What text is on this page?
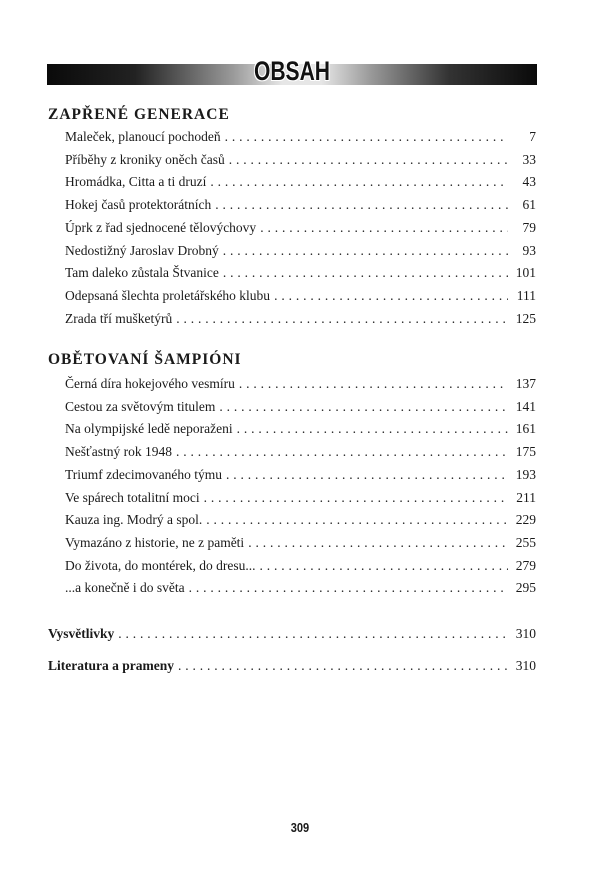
OBSAH
ZAPŘENÉ GENERACE
Maleček, planoucí pochodeň . . .	7
Příběhy z kroniky oněch časů . . .	33
Hromádka, Citta a ti druzí . . .	43
Hokej časů protektorátních . . .	61
Úprk z řad sjednocené tělovýchovy . . .	79
Nedostižný Jaroslav Drobný . . .	93
Tam daleko zůstala Štvanice . . .	101
Odepsaná šlechta proletářského klubu . . .	111
Zrada tří mušketýrů . . .	125
OBĚTOVANÍ ŠAMPIÓNI
Černá díra hokejového vesmíru . . .	137
Cestou za světovým titulem . . .	141
Na olympijské ledě neporaženi . . .	161
Nešťastný rok 1948 . . .	175
Triumf zdecimovaného týmu . . .	193
Ve spárech totalitní moci . . .	211
Kauza ing. Modrý a spol. . . .	229
Vymazáno z historie, ne z paměti . . .	255
Do života, do montérek, do dresu... . . .	279
...a konečně i do světa . . .	295
Vysvětlivky . . .	310
Literatura a prameny . . .	310
309
